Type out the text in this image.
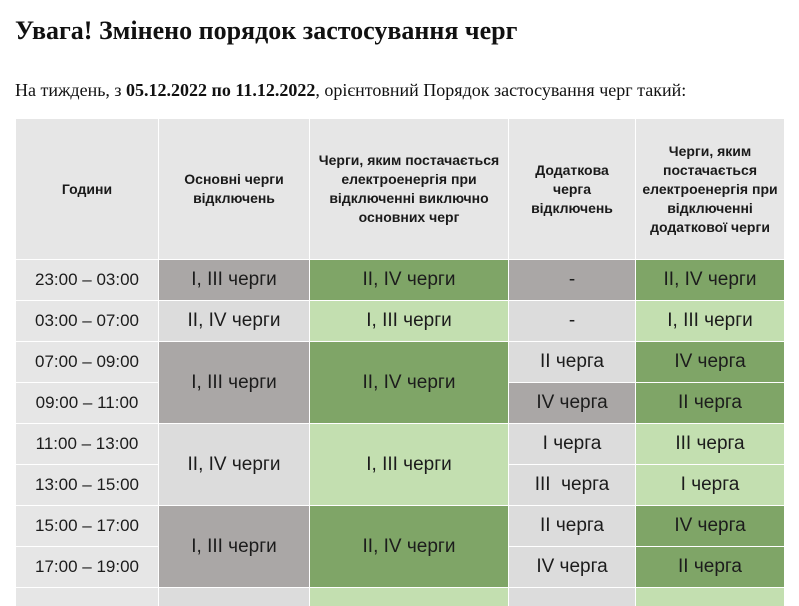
Увага! Змінено порядок застосування черг

На тиждень, з 05.12.2022 по 11.12.2022, орієнтовний Порядок застосування черг такий:

Години	Основні черги відключень	Черги, яким постачається електроенергія при відключенні виключно основних черг	Додаткова черга відключень	Черги, яким постачається електроенергія при відключенні додаткової черги
23:00 – 03:00	I, III черги	II, IV черги	-	II, IV черги
03:00 – 07:00	II, IV черги	I, III черги	-	I, III черги
07:00 – 09:00	I, III черги	II, IV черги	II черга	IV черга
09:00 – 11:00			IV черга	II черга
11:00 – 13:00	II, IV черги	I, III черги	I черга	III черга
13:00 – 15:00			III  черга	I черга
15:00 – 17:00	I, III черги	II, IV черги	II черга	IV черга
17:00 – 19:00			IV черга	II черга
